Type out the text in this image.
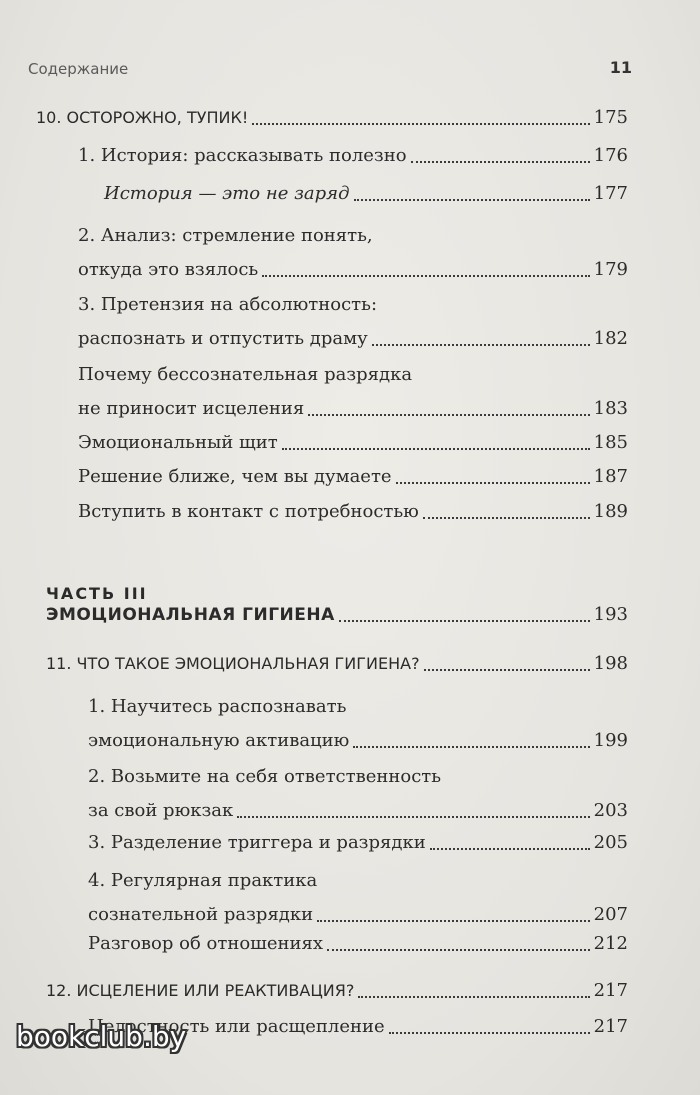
Содержание	11
10. ОСТОРОЖНО, ТУПИК!	175
1. История: рассказывать полезно	176
История — это не заряд	177
2. Анализ: стремление понять,
откуда это взялось	179
3. Претензия на абсолютность:
распознать и отпустить драму	182
Почему бессознательная разрядка
не приносит исцеления	183
Эмоциональный щит	185
Решение ближе, чем вы думаете	187
Вступить в контакт с потребностью	189
ЧАСТЬ III
ЭМОЦИОНАЛЬНАЯ ГИГИЕНА	193
11. ЧТО ТАКОЕ ЭМОЦИОНАЛЬНАЯ ГИГИЕНА?	198
1. Научитесь распознавать
эмоциональную активацию	199
2. Возьмите на себя ответственность
за свой рюкзак	203
3. Разделение триггера и разрядки	205
4. Регулярная практика
сознательной разрядки	207
Разговор об отношениях	212
12. ИСЦЕЛЕНИЕ ИЛИ РЕАКТИВАЦИЯ?	217
Целостность или расщепление	217
bookclub.by
